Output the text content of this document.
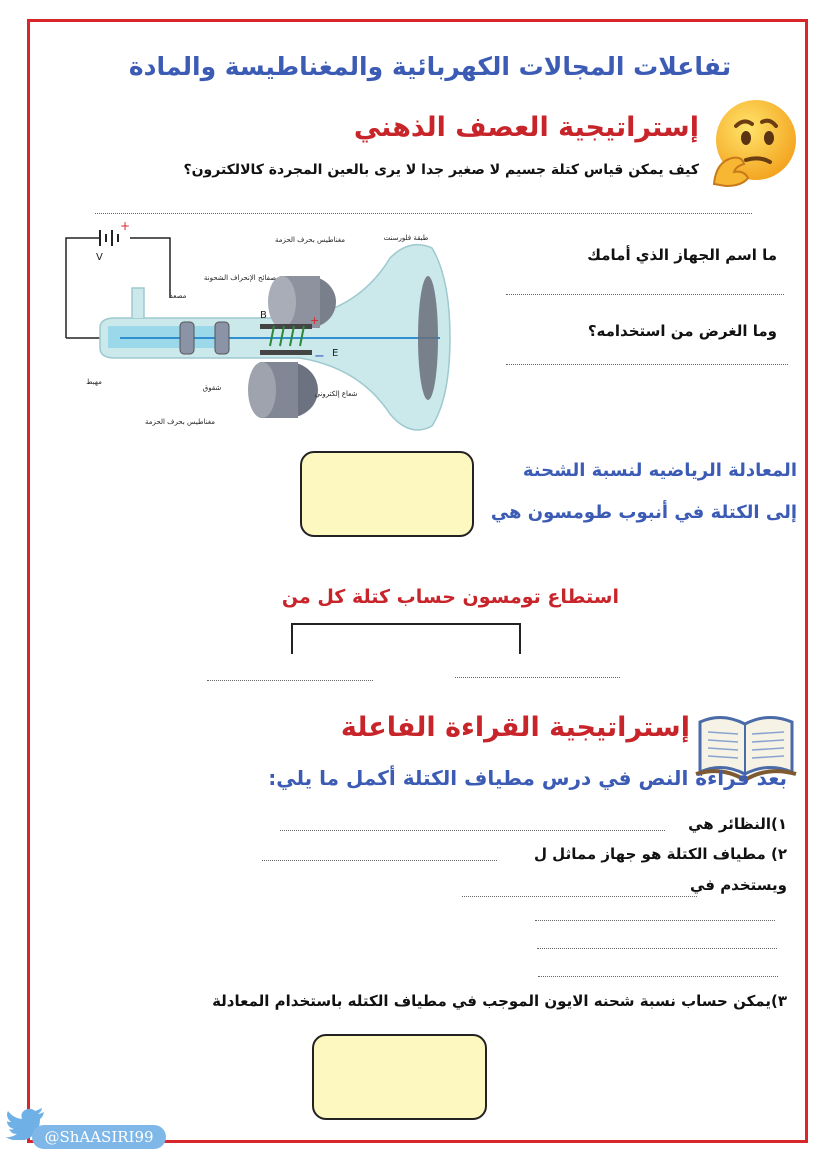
تفاعلات المجالات الكهربائية والمغناطيسة والمادة
إستراتيجية العصف الذهني
كيف يمكن قياس كتلة جسيم لا صغير جدا لا يرى بالعين المجردة كالالكترون؟
+
V
+
−
B
E
طبقة فلورسنت
مغناطيس بحرف الحزمة
صفائح الإنحراف الشحونة
مصعد
مهبط
شقوق
شعاع إلكتروني
مغناطيس بحرف الحزمة
ما اسم الجهاز الذي أمامك
وما الغرض من استخدامه؟
المعادلة الرياضيه لنسبة الشحنة
إلى الكتلة في أنبوب طومسون هي
استطاع تومسون حساب كتلة كل من
إستراتيجية القراءة الفاعلة
بعد قراءة النص في درس مطياف الكتلة أكمل ما يلي:
١)النظائر هي
٢) مطياف الكتلة هو جهاز مماثل ل
ويستخدم في
٣)يمكن حساب نسبة شحنه الايون الموجب في مطياف الكتله باستخدام المعادلة
@ShAASIRI99
